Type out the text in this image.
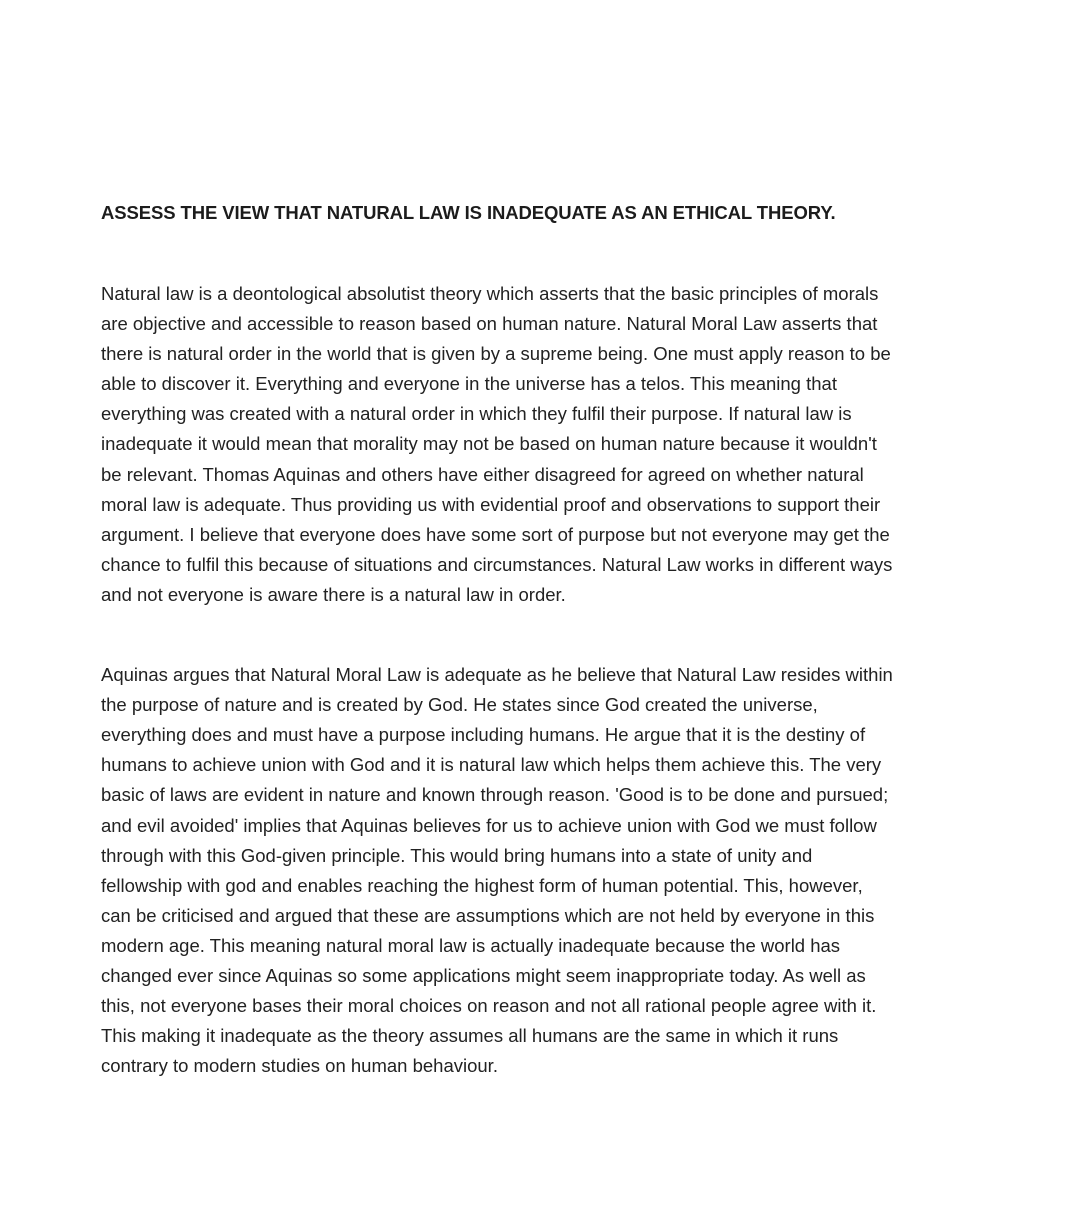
ASSESS THE VIEW THAT NATURAL LAW IS INADEQUATE AS AN ETHICAL THEORY.

Natural law is a deontological absolutist theory which asserts that the basic principles of morals
are objective and accessible to reason based on human nature. Natural Moral Law asserts that
there is natural order in the world that is given by a supreme being. One must apply reason to be
able to discover it. Everything and everyone in the universe has a telos. This meaning that
everything was created with a natural order in which they fulfil their purpose. If natural law is
inadequate it would mean that morality may not be based on human nature because it wouldn't
be relevant. Thomas Aquinas and others have either disagreed for agreed on whether natural
moral law is adequate. Thus providing us with evidential proof and observations to support their
argument. I believe that everyone does have some sort of purpose but not everyone may get the
chance to fulfil this because of situations and circumstances. Natural Law works in different ways
and not everyone is aware there is a natural law in order.

Aquinas argues that Natural Moral Law is adequate as he believe that Natural Law resides within
the purpose of nature and is created by God. He states since God created the universe,
everything does and must have a purpose including humans. He argue that it is the destiny of
humans to achieve union with God and it is natural law which helps them achieve this. The very
basic of laws are evident in nature and known through reason. 'Good is to be done and pursued;
and evil avoided' implies that Aquinas believes for us to achieve union with God we must follow
through with this God-given principle. This would bring humans into a state of unity and
fellowship with god and enables reaching the highest form of human potential. This, however,
can be criticised and argued that these are assumptions which are not held by everyone in this
modern age. This meaning natural moral law is actually inadequate because the world has
changed ever since Aquinas so some applications might seem inappropriate today. As well as
this, not everyone bases their moral choices on reason and not all rational people agree with it.
This making it inadequate as the theory assumes all humans are the same in which it runs
contrary to modern studies on human behaviour.
